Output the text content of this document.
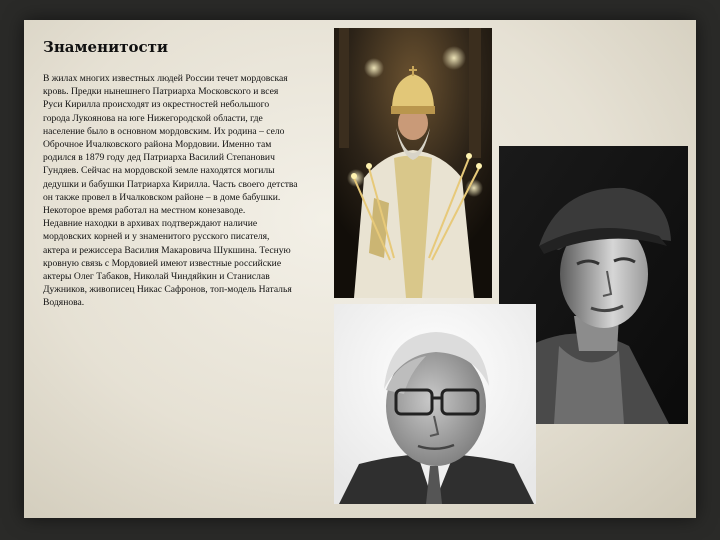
Знаменитости

В жилах многих известных людей России течет мордовская кровь. Предки нынешнего Патриарха Московского и всея Руси Кирилла происходят из окрестностей небольшого города Лукоянова на юге Нижегородской области, где население было в основном мордовским. Их родина – село Оброчное Ичалковского района Мордовии. Именно там родился в 1879 году дед Патриарха Василий Степанович Гундяев. Сейчас на мордовской земле находятся могилы дедушки и бабушки Патриарха Кирилла. Часть своего детства он также провел в Ичалковском районе – в доме бабушки. Некоторое время работал на местном конезаводе.

Недавние находки в архивах подтверждают наличие мордовских корней и у знаменитого русского писателя, актера и режиссера Василия Макаровича Шукшина. Тесную кровную связь с Мордовией имеют известные российские актеры Олег Табаков, Николай Чиндяйкин и Станислав Дужников, живописец Никас Сафронов, топ-модель Наталья Водянова.
